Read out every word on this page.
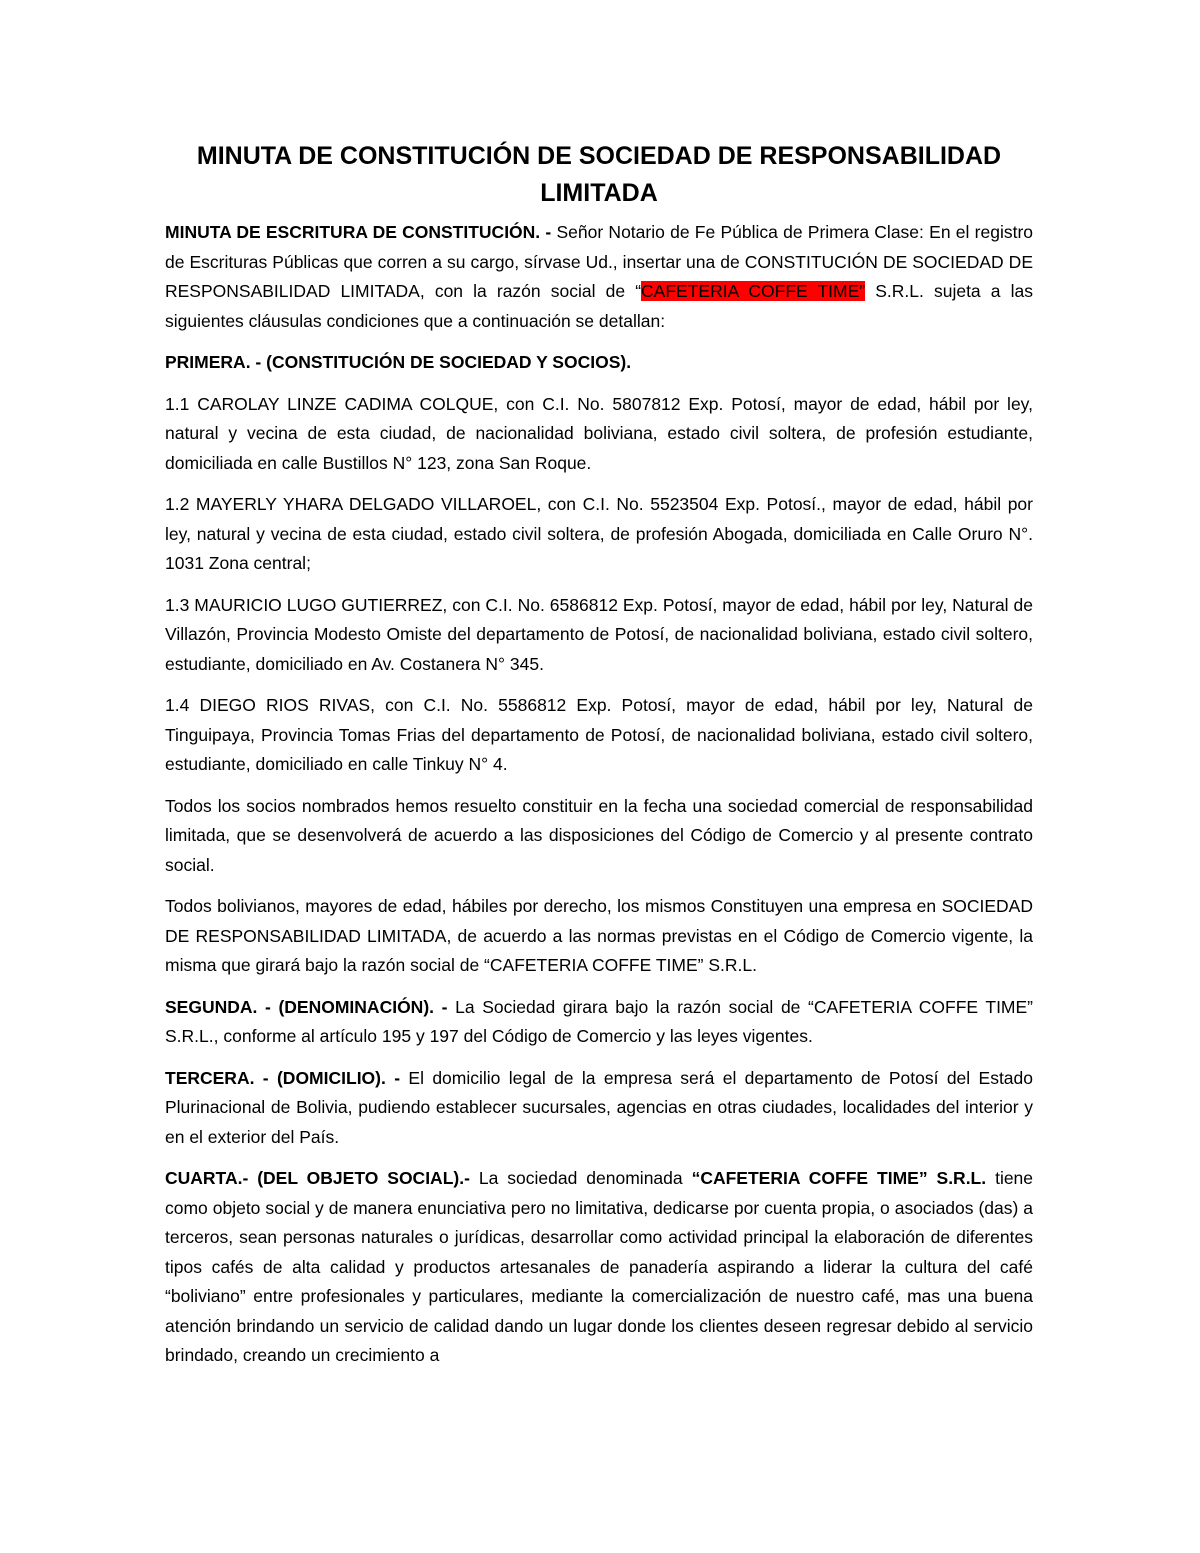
MINUTA DE CONSTITUCIÓN DE SOCIEDAD DE RESPONSABILIDAD LIMITADA

MINUTA DE ESCRITURA DE CONSTITUCIÓN. - Señor Notario de Fe Pública de Primera Clase: En el registro de Escrituras Públicas que corren a su cargo, sírvase Ud., insertar una de CONSTITUCIÓN DE SOCIEDAD DE RESPONSABILIDAD LIMITADA, con la razón social de “CAFETERIA COFFE TIME” S.R.L. sujeta a las siguientes cláusulas condiciones que a continuación se detallan:

PRIMERA. - (CONSTITUCIÓN DE SOCIEDAD Y SOCIOS).

1.1 CAROLAY LINZE CADIMA COLQUE, con C.I. No. 5807812 Exp. Potosí, mayor de edad, hábil por ley, natural y vecina de esta ciudad, de nacionalidad boliviana, estado civil soltera, de profesión estudiante, domiciliada en calle Bustillos N° 123, zona San Roque.

1.2 MAYERLY YHARA DELGADO VILLAROEL, con C.I. No. 5523504 Exp. Potosí., mayor de edad, hábil por ley, natural y vecina de esta ciudad, estado civil soltera, de profesión Abogada, domiciliada en Calle Oruro N°. 1031 Zona central;

1.3 MAURICIO LUGO GUTIERREZ, con C.I. No. 6586812 Exp. Potosí, mayor de edad, hábil por ley, Natural de Villazón, Provincia Modesto Omiste del departamento de Potosí, de nacionalidad boliviana, estado civil soltero, estudiante, domiciliado en Av. Costanera N° 345.

1.4 DIEGO RIOS RIVAS, con C.I. No. 5586812 Exp. Potosí, mayor de edad, hábil por ley, Natural de Tinguipaya, Provincia Tomas Frias del departamento de Potosí, de nacionalidad boliviana, estado civil soltero, estudiante, domiciliado en calle Tinkuy N° 4.

Todos los socios nombrados hemos resuelto constituir en la fecha una sociedad comercial de responsabilidad limitada, que se desenvolverá de acuerdo a las disposiciones del Código de Comercio y al presente contrato social.

Todos bolivianos, mayores de edad, hábiles por derecho, los mismos Constituyen una empresa en SOCIEDAD DE RESPONSABILIDAD LIMITADA, de acuerdo a las normas previstas en el Código de Comercio vigente, la misma que girará bajo la razón social de “CAFETERIA COFFE TIME” S.R.L.

SEGUNDA. - (DENOMINACIÓN). - La Sociedad girara bajo la razón social de “CAFETERIA COFFE TIME” S.R.L., conforme al artículo 195 y 197 del Código de Comercio y las leyes vigentes.

TERCERA. - (DOMICILIO). - El domicilio legal de la empresa será el departamento de Potosí del Estado Plurinacional de Bolivia, pudiendo establecer sucursales, agencias en otras ciudades, localidades del interior y en el exterior del País.

CUARTA.- (DEL OBJETO SOCIAL).- La sociedad denominada “CAFETERIA COFFE TIME” S.R.L. tiene como objeto social y de manera enunciativa pero no limitativa, dedicarse por cuenta propia, o asociados (das) a terceros, sean personas naturales o jurídicas, desarrollar como actividad principal la elaboración de diferentes tipos cafés de alta calidad y productos artesanales de panadería aspirando a liderar la cultura del café “boliviano” entre profesionales y particulares, mediante la comercialización de nuestro café, mas una buena atención brindando un servicio de calidad dando un lugar donde los clientes deseen regresar debido al servicio brindado, creando un crecimiento a
